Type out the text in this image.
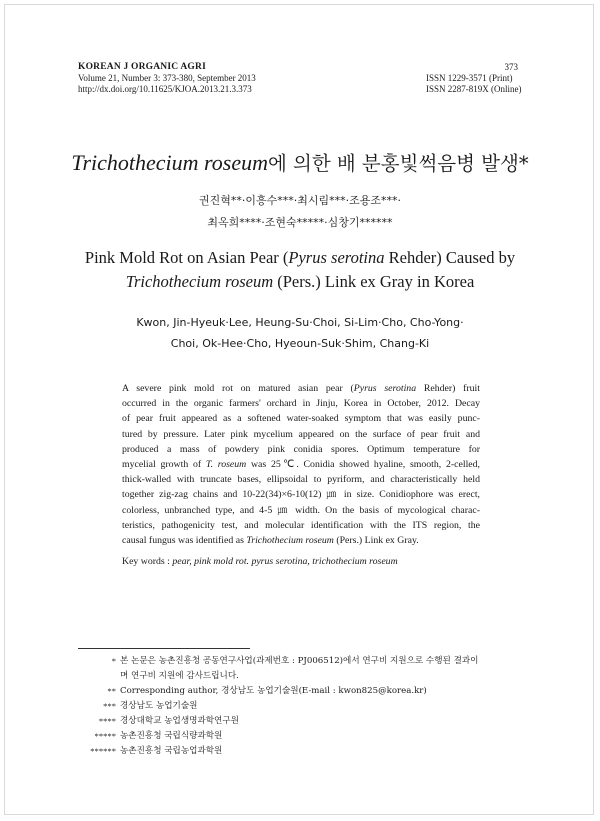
KOREAN J ORGANIC AGRI
Volume 21, Number 3: 373-380, September 2013
http://dx.doi.org/10.11625/KJOA.2013.21.3.373
373
ISSN 1229-3571 (Print)
ISSN 2287-819X (Online)
Trichothecium roseum에 의한 배 분홍빛썩음병 발생*
권진혁**·이흥수***·최시림***·조용조***·
최옥희****·조현숙*****·심창기******
Pink Mold Rot on Asian Pear (Pyrus serotina Rehder) Caused by
Trichothecium roseum (Pers.) Link ex Gray in Korea
Kwon, Jin-Hyeuk·Lee, Heung-Su·Choi, Si-Lim·Cho, Cho-Yong·
Choi, Ok-Hee·Cho, Hyeoun-Suk·Shim, Chang-Ki
A severe pink mold rot on matured asian pear (Pyrus serotina Rehder) fruit
occurred in the organic farmers' orchard in Jinju, Korea in October, 2012. Decay
of pear fruit appeared as a softened water-soaked symptom that was easily punc-
tured by pressure. Later pink mycelium appeared on the surface of pear fruit and
produced a mass of powdery pink conidia spores. Optimum temperature for
mycelial growth of T. roseum was 25℃. Conidia showed hyaline, smooth, 2-celled,
thick-walled with truncate bases, ellipsoidal to pyriform, and characteristically held
together zig-zag chains and 10-22(34)×6-10(12) ㎛ in size. Conidiophore was erect,
colorless, unbranched type, and 4-5 ㎛ width. On the basis of mycological charac-
teristics, pathogenicity test, and molecular identification with the ITS region, the
causal fungus was identified as Trichothecium roseum (Pers.) Link ex Gray.
Key words : pear, pink mold rot. pyrus serotina, trichothecium roseum
* 본 논문은 농촌진흥청 공동연구사업(과제번호 : PJ006512)에서 연구비 지원으로 수행된 결과이
며 연구비 지원에 감사드립니다.
** Corresponding author, 경상남도 농업기술원(E-mail : kwon825@korea.kr)
*** 경상남도 농업기술원
**** 경상대학교 농업생명과학연구원
***** 농촌진흥청 국립식량과학원
****** 농촌진흥청 국립농업과학원
